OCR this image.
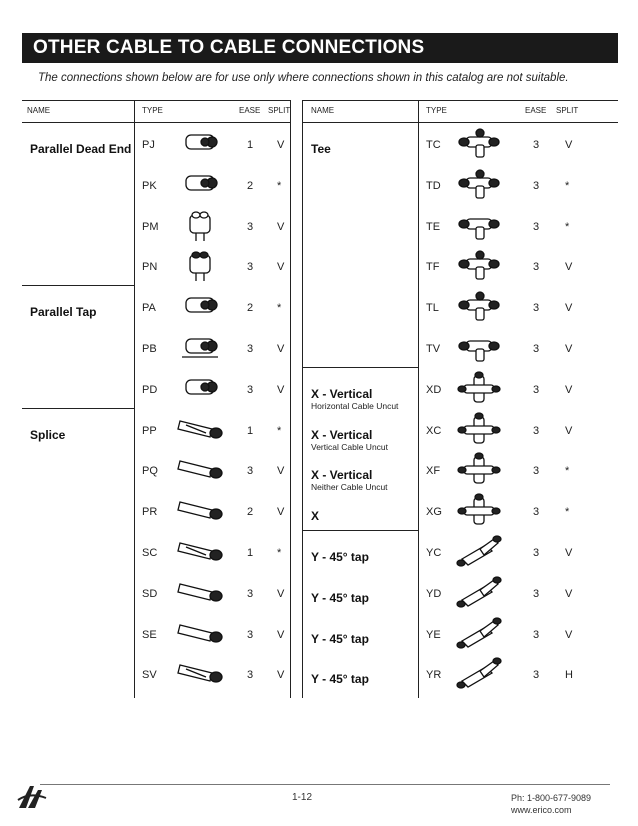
OTHER CABLE TO CABLE CONNECTIONS
The connections shown below are for use only where connections shown in this catalog are not suitable.
NAME	TYPE	EASE SPLIT
Parallel Dead End PJ	1 V
PK	2 *
PM	3 V
PN	3 V
Parallel Tap	PA	2 *
PB	3 V
PD	3 V
Splice	PP	1 *
PQ	3 V
PR	2 V
SC	1 *
SD	3 V
SE	3 V
SV	3 V
NAME	TYPE	EASE SPLIT
Tee	TC	3 V
TD	3 *
TE	3 *
TF	3 V
TL	3 V
TV	3 V
X - Vertical
Horizontal Cable Uncut
XD	3 V
X - Vertical
Vertical Cable Uncut
XC	3 V
X - Vertical
Neither Cable Uncut
XF	3 *
X	XG	3 *
Y - 45° tap	YC	3 V
Y - 45° tap	YD	3 V
Y - 45° tap	YE	3 V
Y - 45° tap	YR	3 H
1-12	Ph: 1-800-677-9089
www.erico.com
